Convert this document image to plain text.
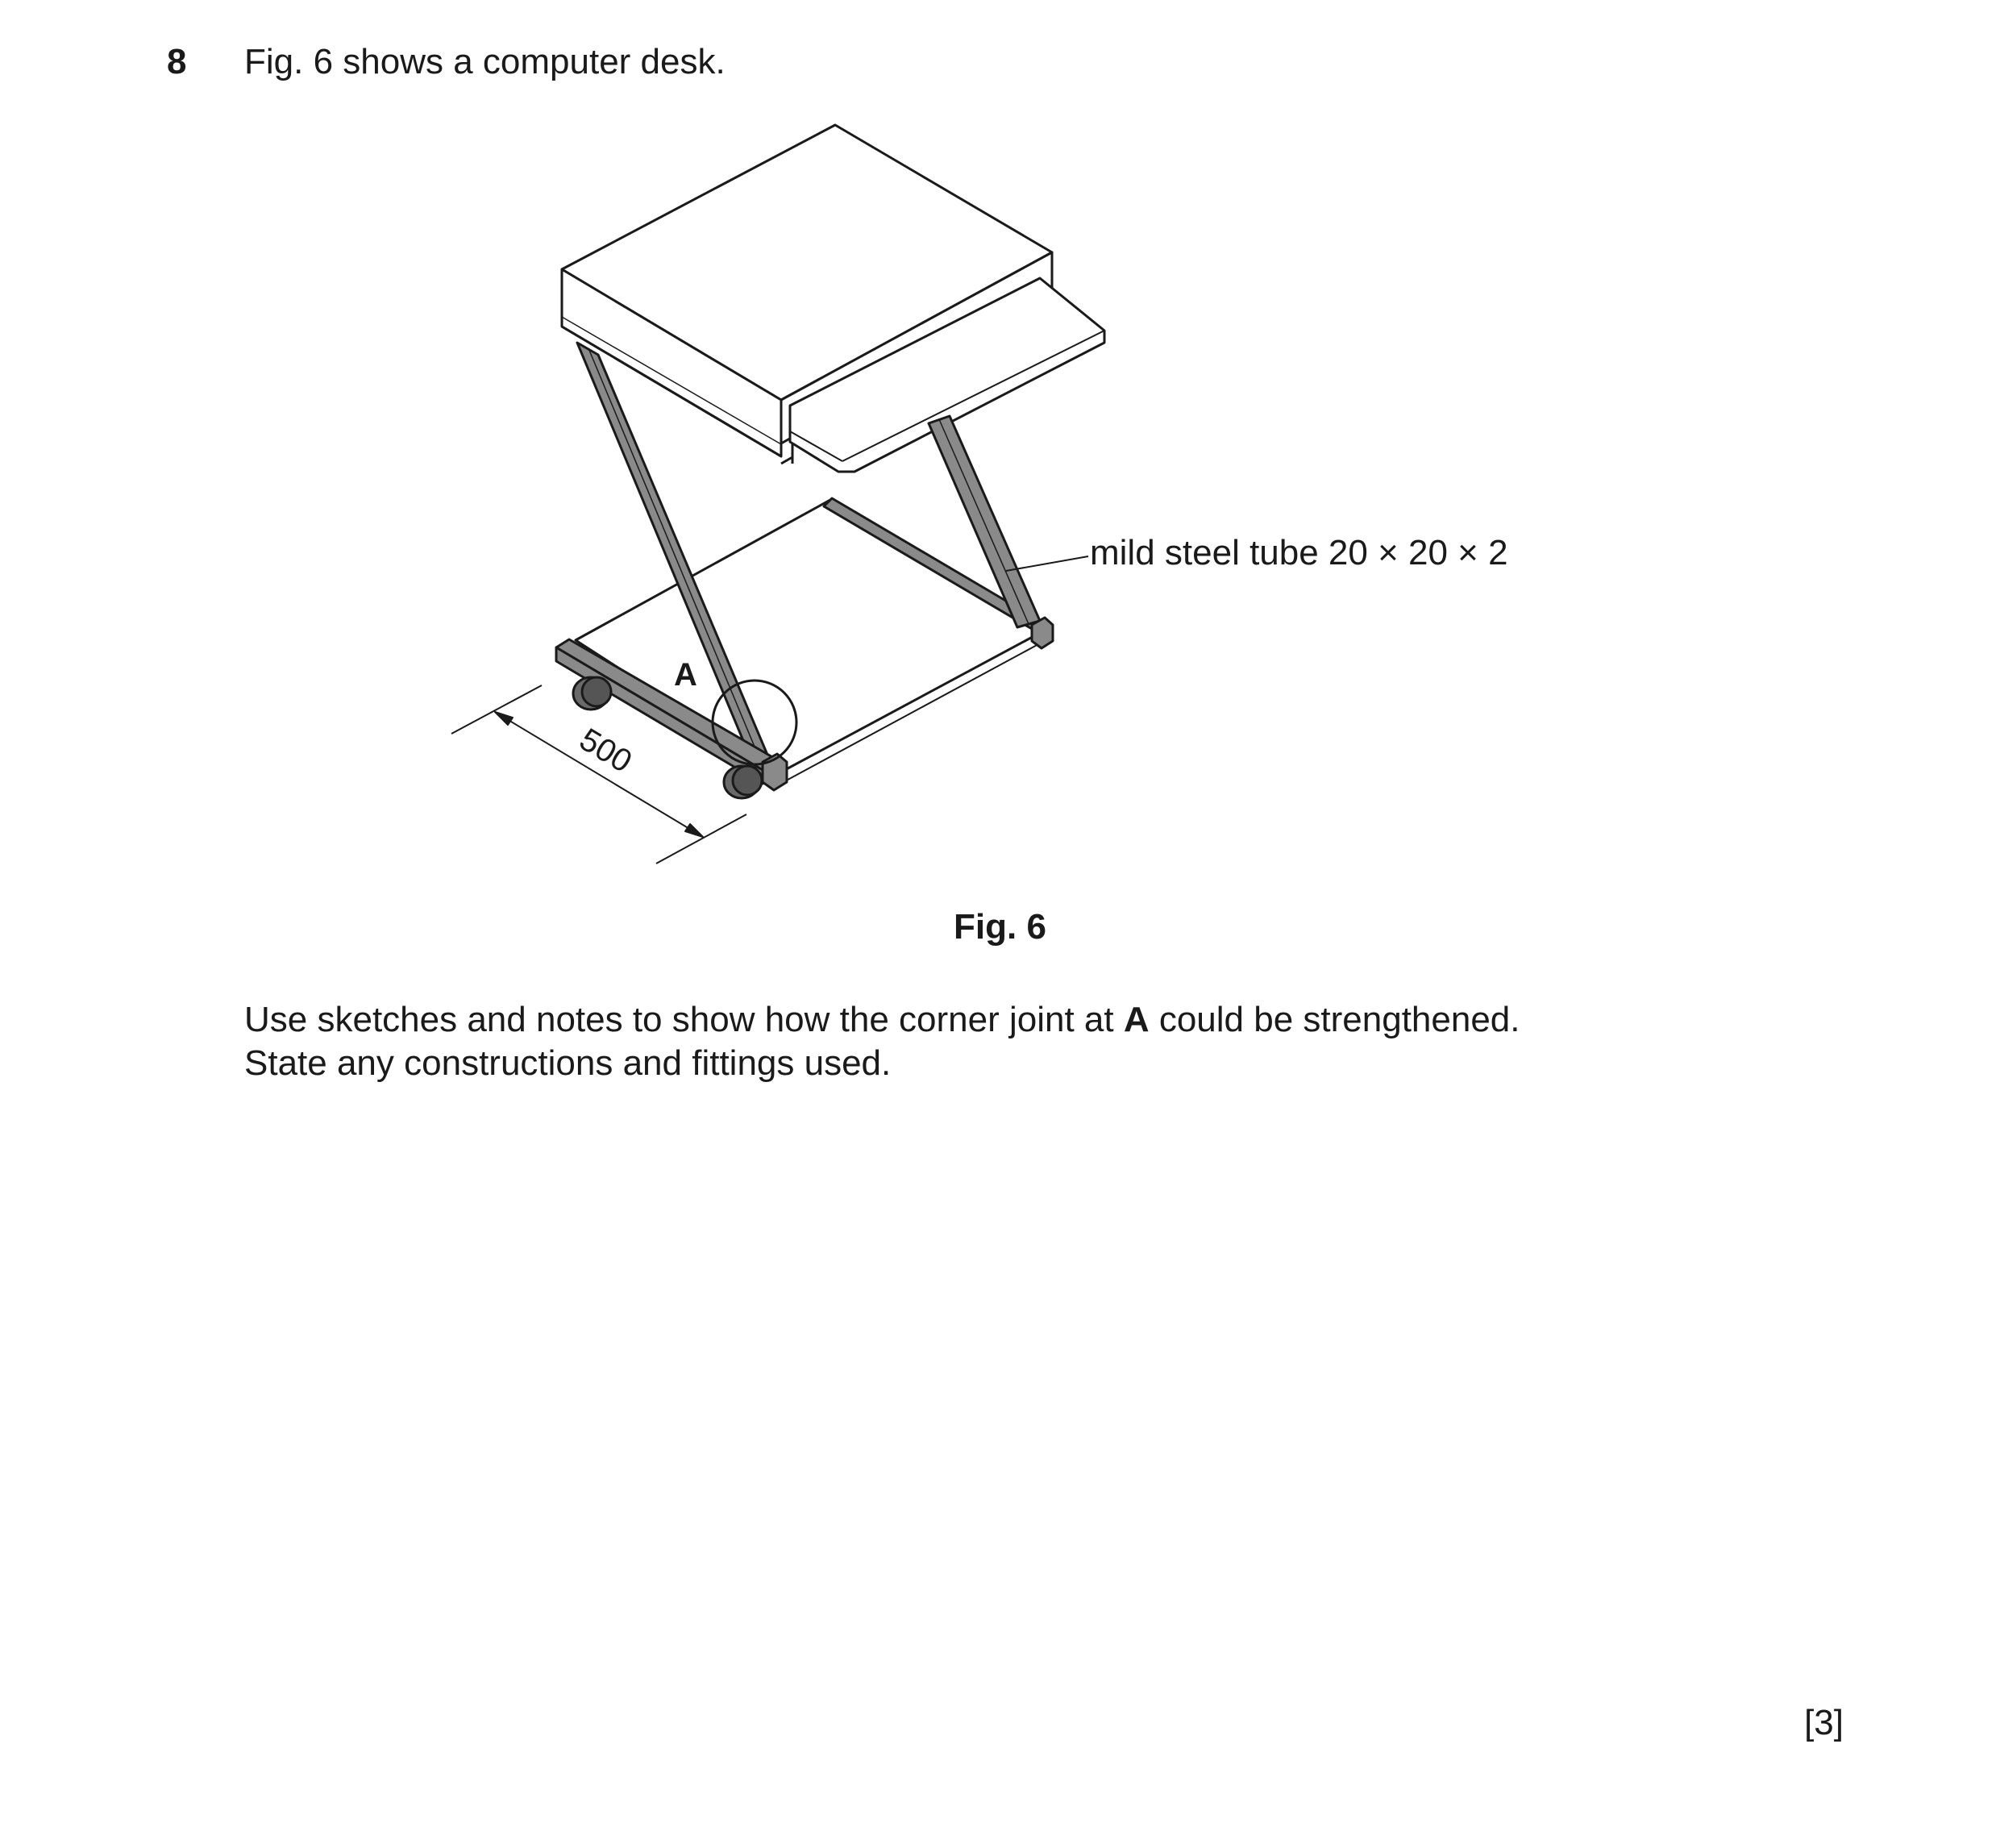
8 Fig. 6 shows a computer desk.
A
500
mild steel tube 20 × 20 × 2
Fig. 6
Use sketches and notes to show how the corner joint at A could be strengthened.
State any constructions and fittings used.
[3]
